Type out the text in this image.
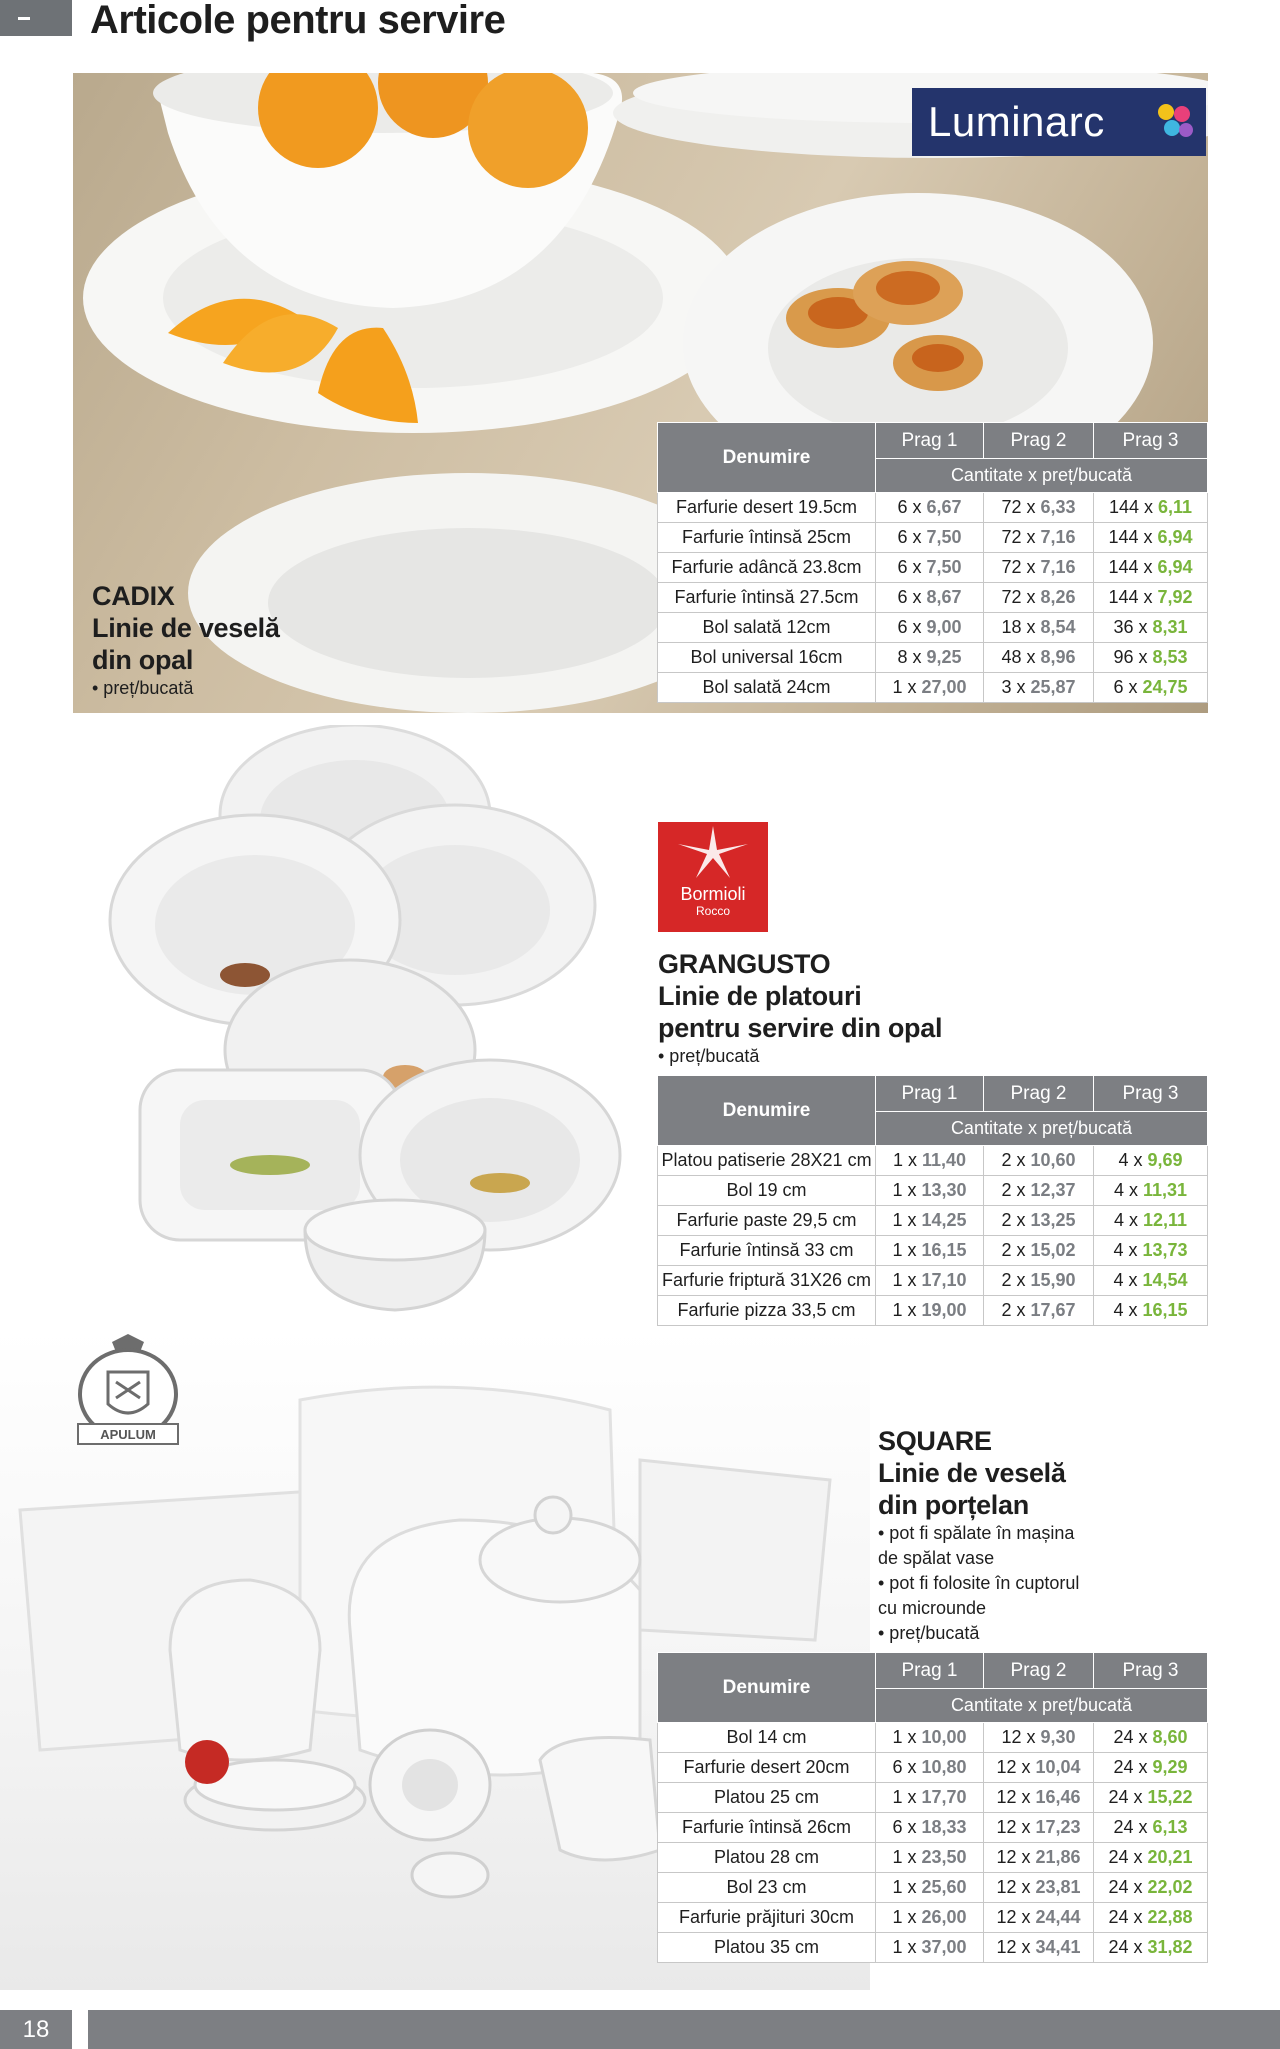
Articole pentru servire
Luminarc
CADIX
Linie de veselă
din opal
• preț/bucată
Denumire	Prag 1	Prag 2	Prag 3
	Cantitate x preț/bucată		
Farfurie desert 19.5cm	6 x 6,67	72 x 6,33	144 x 6,11
Farfurie întinsă 25cm	6 x 7,50	72 x 7,16	144 x 6,94
Farfurie adâncă 23.8cm	6 x 7,50	72 x 7,16	144 x 6,94
Farfurie întinsă 27.5cm	6 x 8,67	72 x 8,26	144 x 7,92
Bol salată 12cm	6 x 9,00	18 x 8,54	36 x 8,31
Bol universal 16cm	8 x 9,25	48 x 8,96	96 x 8,53
Bol salată 24cm	1 x 27,00	3 x 25,87	6 x 24,75
Bormioli
Rocco
GRANGUSTO
Linie de platouri
pentru servire din opal
• preț/bucată
Denumire	Prag 1	Prag 2	Prag 3
	Cantitate x preț/bucată		
Platou patiserie 28X21 cm	1 x 11,40	2 x 10,60	4 x 9,69
Bol 19 cm	1 x 13,30	2 x 12,37	4 x 11,31
Farfurie paste 29,5 cm	1 x 14,25	2 x 13,25	4 x 12,11
Farfurie întinsă 33 cm	1 x 16,15	2 x 15,02	4 x 13,73
Farfurie friptură 31X26 cm	1 x 17,10	2 x 15,90	4 x 14,54
Farfurie pizza 33,5 cm	1 x 19,00	2 x 17,67	4 x 16,15
APULUM	SQUARE
Linie de veselă
din porțelan
• pot fi spălate în mașina
de spălat vase
• pot fi folosite în cuptorul
cu microunde
• preț/bucată
Denumire	Prag 1	Prag 2	Prag 3
	Cantitate x preț/bucată		
Bol 14 cm	1 x 10,00	12 x 9,30	24 x 8,60
Farfurie desert 20cm	6 x 10,80	12 x 10,04	24 x 9,29
Platou 25 cm	1 x 17,70	12 x 16,46	24 x 15,22
Farfurie întinsă 26cm	6 x 18,33	12 x 17,23	24 x 6,13
Platou 28 cm	1 x 23,50	12 x 21,86	24 x 20,21
Bol 23 cm	1 x 25,60	12 x 23,81	24 x 22,02
Farfurie prăjituri 30cm	1 x 26,00	12 x 24,44	24 x 22,88
Platou 35 cm	1 x 37,00	12 x 34,41	24 x 31,82
18
